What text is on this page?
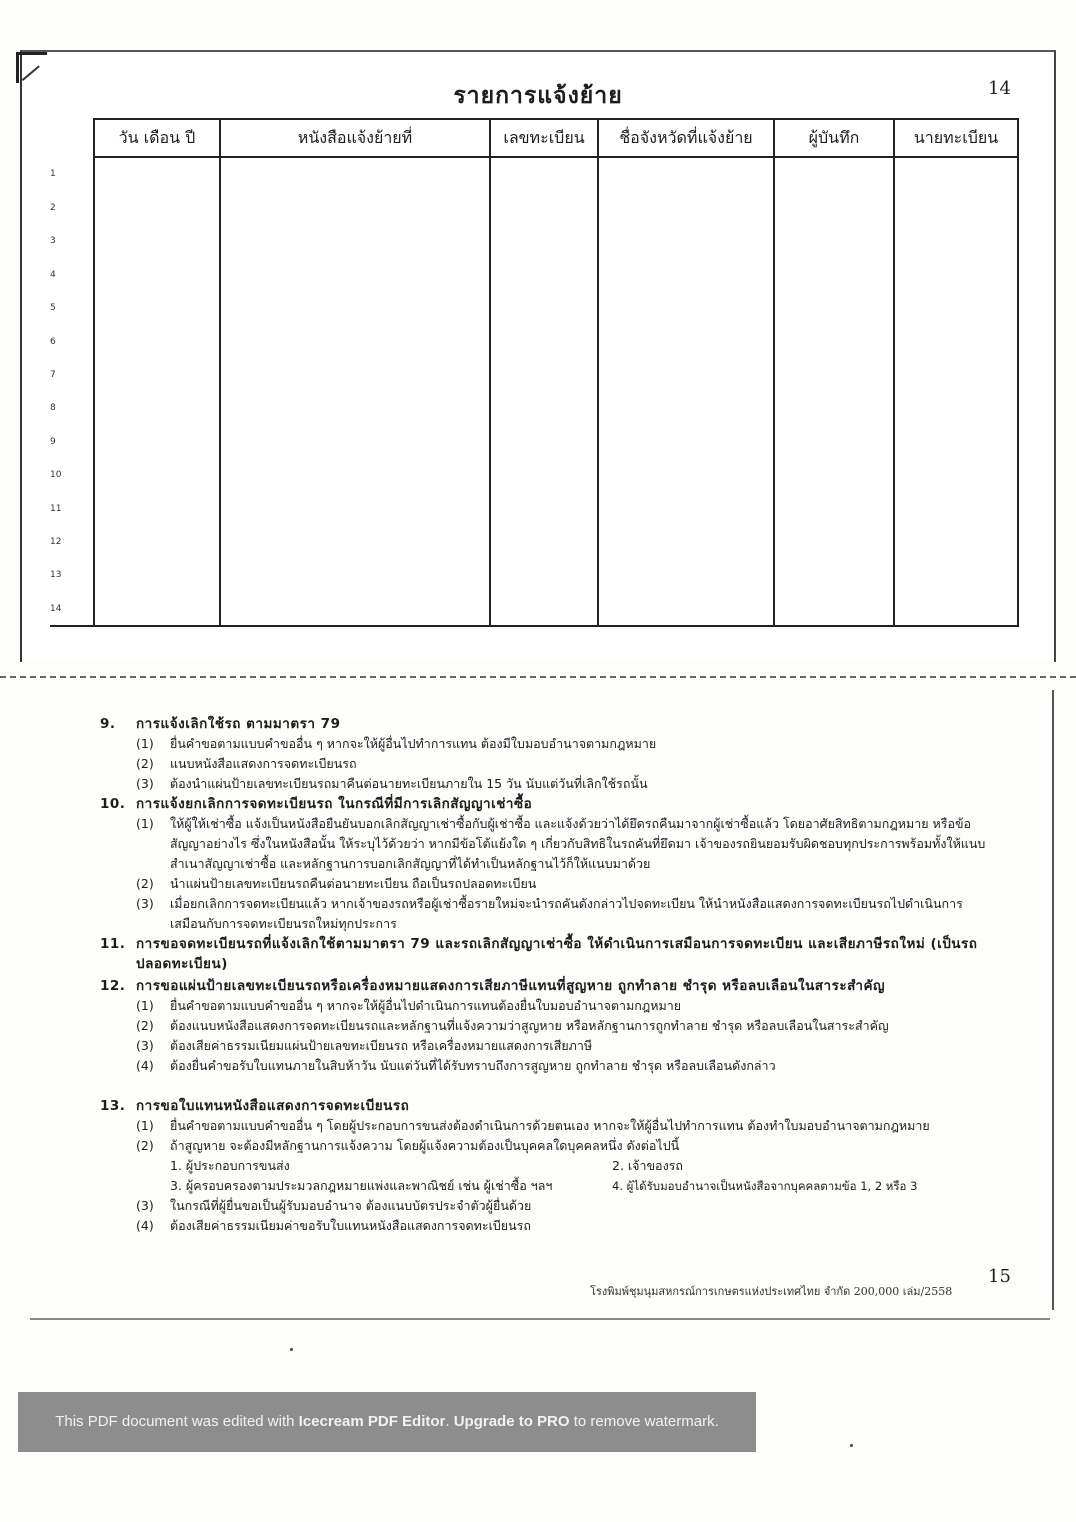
รายการแจ้งย้าย	14
	วัน เดือน ปี	หนังสือแจ้งย้ายที่	เลขทะเบียน	ชื่อจังหวัดที่แจ้งย้าย	ผู้บันทึก	นายทะเบียน
1						
2						
3						
4						
5						
6						
7						
8						
9						
10						
11						
12						
13						
14						
9. การแจ้งเลิกใช้รถ ตามมาตรา 79
(1) ยื่นคำขอตามแบบคำขออื่น ๆ หากจะให้ผู้อื่นไปทำการแทน ต้องมีใบมอบอำนาจตามกฎหมาย
(2) แนบหนังสือแสดงการจดทะเบียนรถ
(3) ต้องนำแผ่นป้ายเลขทะเบียนรถมาคืนต่อนายทะเบียนภายใน 15 วัน นับแต่วันที่เลิกใช้รถนั้น
10. การแจ้งยกเลิกการจดทะเบียนรถ ในกรณีที่มีการเลิกสัญญาเช่าซื้อ
(1) ให้ผู้ให้เช่าซื้อ แจ้งเป็นหนังสือยืนยันบอกเลิกสัญญาเช่าซื้อกับผู้เช่าซื้อ และแจ้งด้วยว่าได้ยึดรถคืนมาจากผู้เช่าซื้อแล้ว โดยอาศัยสิทธิตามกฎหมาย หรือข้อสัญญาอย่างไร ซึ่งในหนังสือนั้น ให้ระบุไว้ด้วยว่า หากมีข้อโต้แย้งใด ๆ เกี่ยวกับสิทธิในรถคันที่ยึดมา เจ้าของรถยินยอมรับผิดชอบทุกประการพร้อมทั้งให้แนบสำเนาสัญญาเช่าซื้อ และหลักฐานการบอกเลิกสัญญาที่ได้ทำเป็นหลักฐานไว้ก็ให้แนบมาด้วย
(2) นำแผ่นป้ายเลขทะเบียนรถคืนต่อนายทะเบียน ถือเป็นรถปลอดทะเบียน
(3) เมื่อยกเลิกการจดทะเบียนแล้ว หากเจ้าของรถหรือผู้เช่าซื้อรายใหม่จะนำรถคันดังกล่าวไปจดทะเบียน ให้นำหนังสือแสดงการจดทะเบียนรถไปดำเนินการเสมือนกับการจดทะเบียนรถใหม่ทุกประการ
11. การขอจดทะเบียนรถที่แจ้งเลิกใช้ตามมาตรา 79 และรถเลิกสัญญาเช่าซื้อ ให้ดำเนินการเสมือนการจดทะเบียน และเสียภาษีรถใหม่ (เป็นรถปลอดทะเบียน)
12. การขอแผ่นป้ายเลขทะเบียนรถหรือเครื่องหมายแสดงการเสียภาษีแทนที่สูญหาย ถูกทำลาย ชำรุด หรือลบเลือนในสาระสำคัญ
(1) ยื่นคำขอตามแบบคำขออื่น ๆ หากจะให้ผู้อื่นไปดำเนินการแทนต้องยื่นใบมอบอำนาจตามกฎหมาย
(2) ต้องแนบหนังสือแสดงการจดทะเบียนรถและหลักฐานที่แจ้งความว่าสูญหาย หรือหลักฐานการถูกทำลาย ชำรุด หรือลบเลือนในสาระสำคัญ
(3) ต้องเสียค่าธรรมเนียมแผ่นป้ายเลขทะเบียนรถ หรือเครื่องหมายแสดงการเสียภาษี
(4) ต้องยื่นคำขอรับใบแทนภายในสิบห้าวัน นับแต่วันที่ได้รับทราบถึงการสูญหาย ถูกทำลาย ชำรุด หรือลบเลือนดังกล่าว
13. การขอใบแทนหนังสือแสดงการจดทะเบียนรถ
(1) ยื่นคำขอตามแบบคำขออื่น ๆ โดยผู้ประกอบการขนส่งต้องดำเนินการด้วยตนเอง หากจะให้ผู้อื่นไปทำการแทน ต้องทำใบมอบอำนาจตามกฎหมาย
(2) ถ้าสูญหาย จะต้องมีหลักฐานการแจ้งความ โดยผู้แจ้งความต้องเป็นบุคคลใดบุคคลหนึ่ง ดังต่อไปนี้
1. ผู้ประกอบการขนส่ง	2. เจ้าของรถ
3. ผู้ครอบครองตามประมวลกฎหมายแพ่งและพาณิชย์ เช่น ผู้เช่าซื้อ ฯลฯ	4. ผู้ได้รับมอบอำนาจเป็นหนังสือจากบุคคลตามข้อ 1, 2 หรือ 3
(3) ในกรณีที่ผู้ยื่นขอเป็นผู้รับมอบอำนาจ ต้องแนบบัตรประจำตัวผู้ยื่นด้วย
(4) ต้องเสียค่าธรรมเนียมค่าขอรับใบแทนหนังสือแสดงการจดทะเบียนรถ
15
โรงพิมพ์ชุมนุมสหกรณ์การเกษตรแห่งประเทศไทย จำกัด 200,000 เล่ม/2558
This PDF document was edited with Icecream PDF Editor. Upgrade to PRO to remove watermark.
